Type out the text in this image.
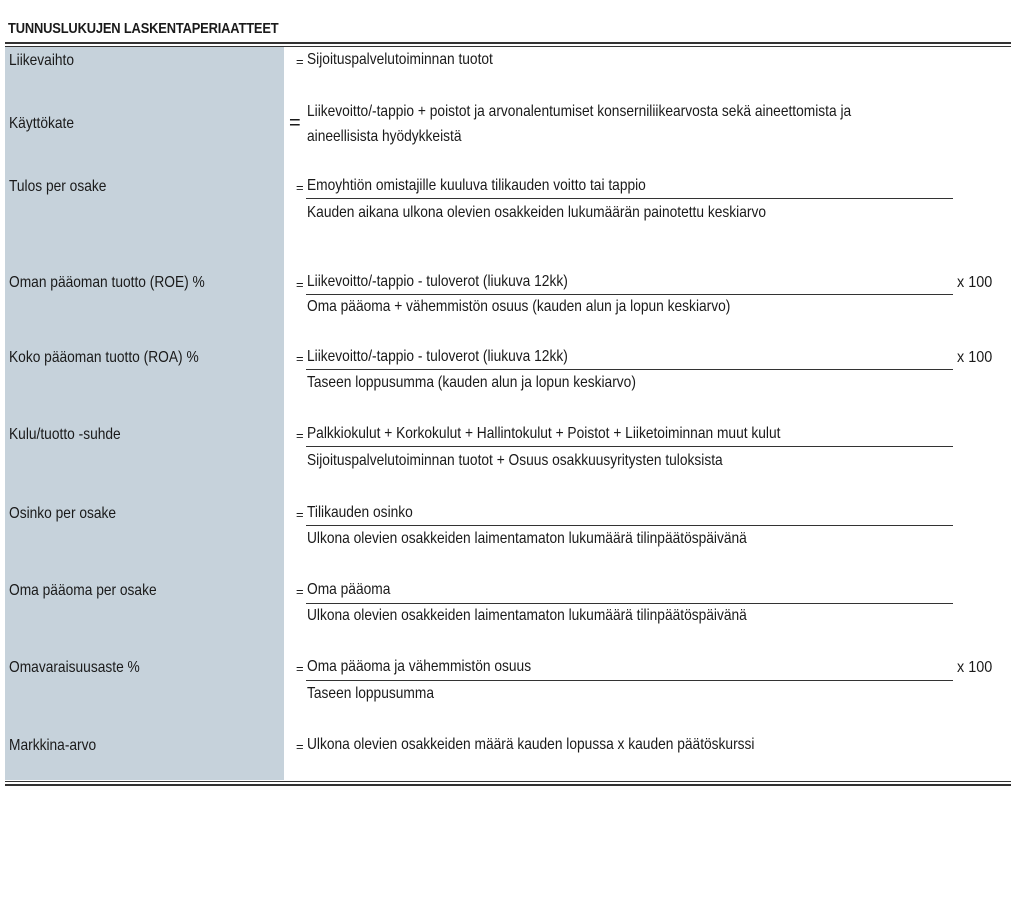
TUNNUSLUKUJEN LASKENTAPERIAATTEET
Liikevaihto	= Sijoituspalvelutoiminnan tuotot
Käyttökate	=
Liikevoitto/-tappio + poistot ja arvonalentumiset konserniliikearvosta sekä aineettomista ja
aineellisista hyödykkeistä
Tulos per osake	= Emoyhtiön omistajille kuuluva tilikauden voitto tai tappio
Kauden aikana ulkona olevien osakkeiden lukumäärän painotettu keskiarvo
Oman pääoman tuotto (ROE) %	= Liikevoitto/-tappio - tuloverot (liukuva 12kk)
Oma pääoma + vähemmistön osuus (kauden alun ja lopun keskiarvo)
x 100
Koko pääoman tuotto (ROA) %	= Liikevoitto/-tappio - tuloverot (liukuva 12kk)
Taseen loppusumma (kauden alun ja lopun keskiarvo)
x 100
Kulu/tuotto -suhde	= Palkkiokulut + Korkokulut + Hallintokulut + Poistot + Liiketoiminnan muut kulut
Sijoituspalvelutoiminnan tuotot + Osuus osakkuusyritysten tuloksista
Osinko per osake	= Tilikauden osinko
Ulkona olevien osakkeiden laimentamaton lukumäärä tilinpäätöspäivänä
Oma pääoma per osake	= Oma pääoma
Ulkona olevien osakkeiden laimentamaton lukumäärä tilinpäätöspäivänä
Omavaraisuusaste %	= Oma pääoma ja vähemmistön osuus
Taseen loppusumma
x 100
Markkina-arvo	= Ulkona olevien osakkeiden määrä kauden lopussa x kauden päätöskurssi
